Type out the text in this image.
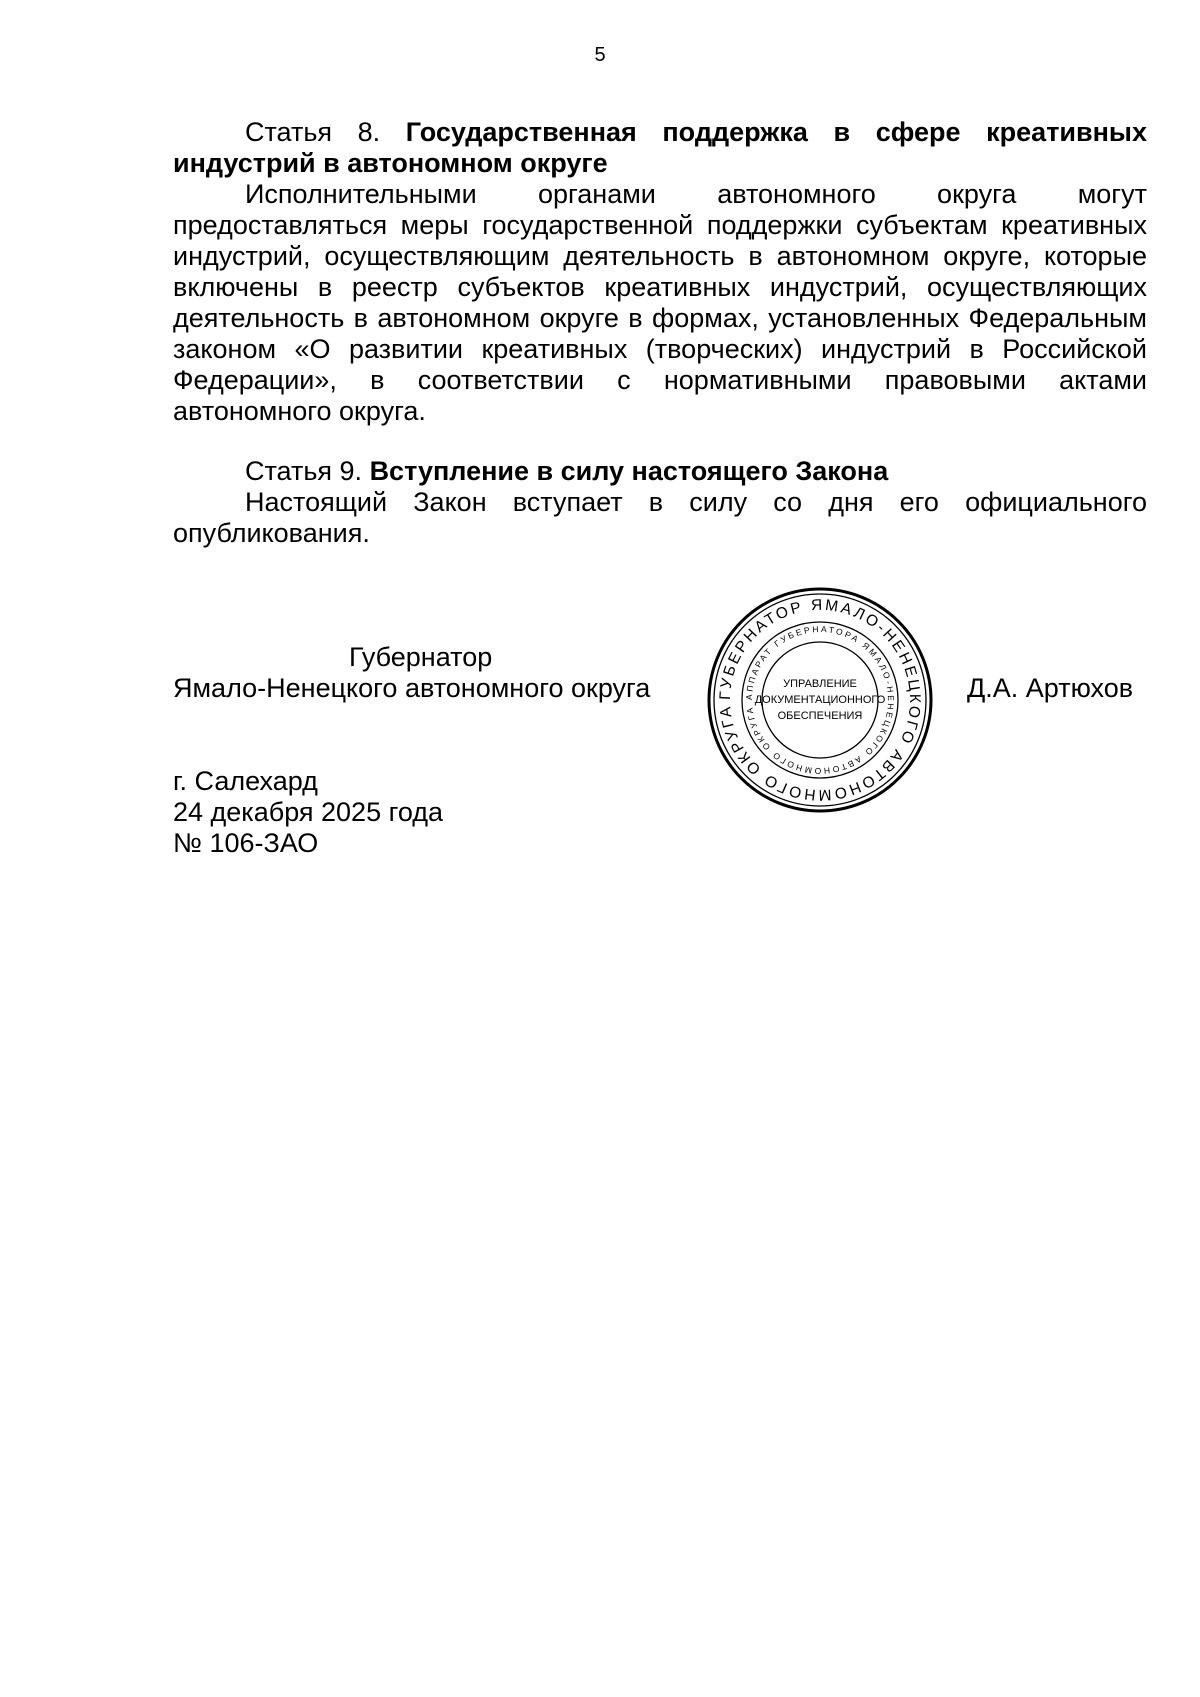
5

Статья 8. Государственная поддержка в сфере креативных индустрий в автономном округе

Исполнительными органами автономного округа могут предоставляться меры государственной поддержки субъектам креативных индустрий, осуществляющим деятельность в автономном округе, которые включены в реестр субъектов креативных индустрий, осуществляющих деятельность в автономном округе в формах, установленных Федеральным законом «О развитии креативных (творческих) индустрий в Российской Федерации», в соответствии с нормативными правовыми актами автономного округа.

Статья 9. Вступление в силу настоящего Закона

Настоящий Закон вступает в силу со дня его официального опубликования.

Губернатор
Ямало-Ненецкого автономного округа	Д.А. Артюхов
ГУБЕРНАТОР ЯМАЛО-НЕНЕЦКОГО АВТОНОМНОГО ОКРУГА
АППАРАТ ГУБЕРНАТОРА ЯМАЛО-НЕНЕЦКОГО АВТОНОМНОГО ОКРУГА
УПРАВЛЕНИЕ
ДОКУМЕНТАЦИОННОГО
ОБЕСПЕЧЕНИЯ
г. Салехард
24 декабря 2025 года
№ 106-ЗАО
